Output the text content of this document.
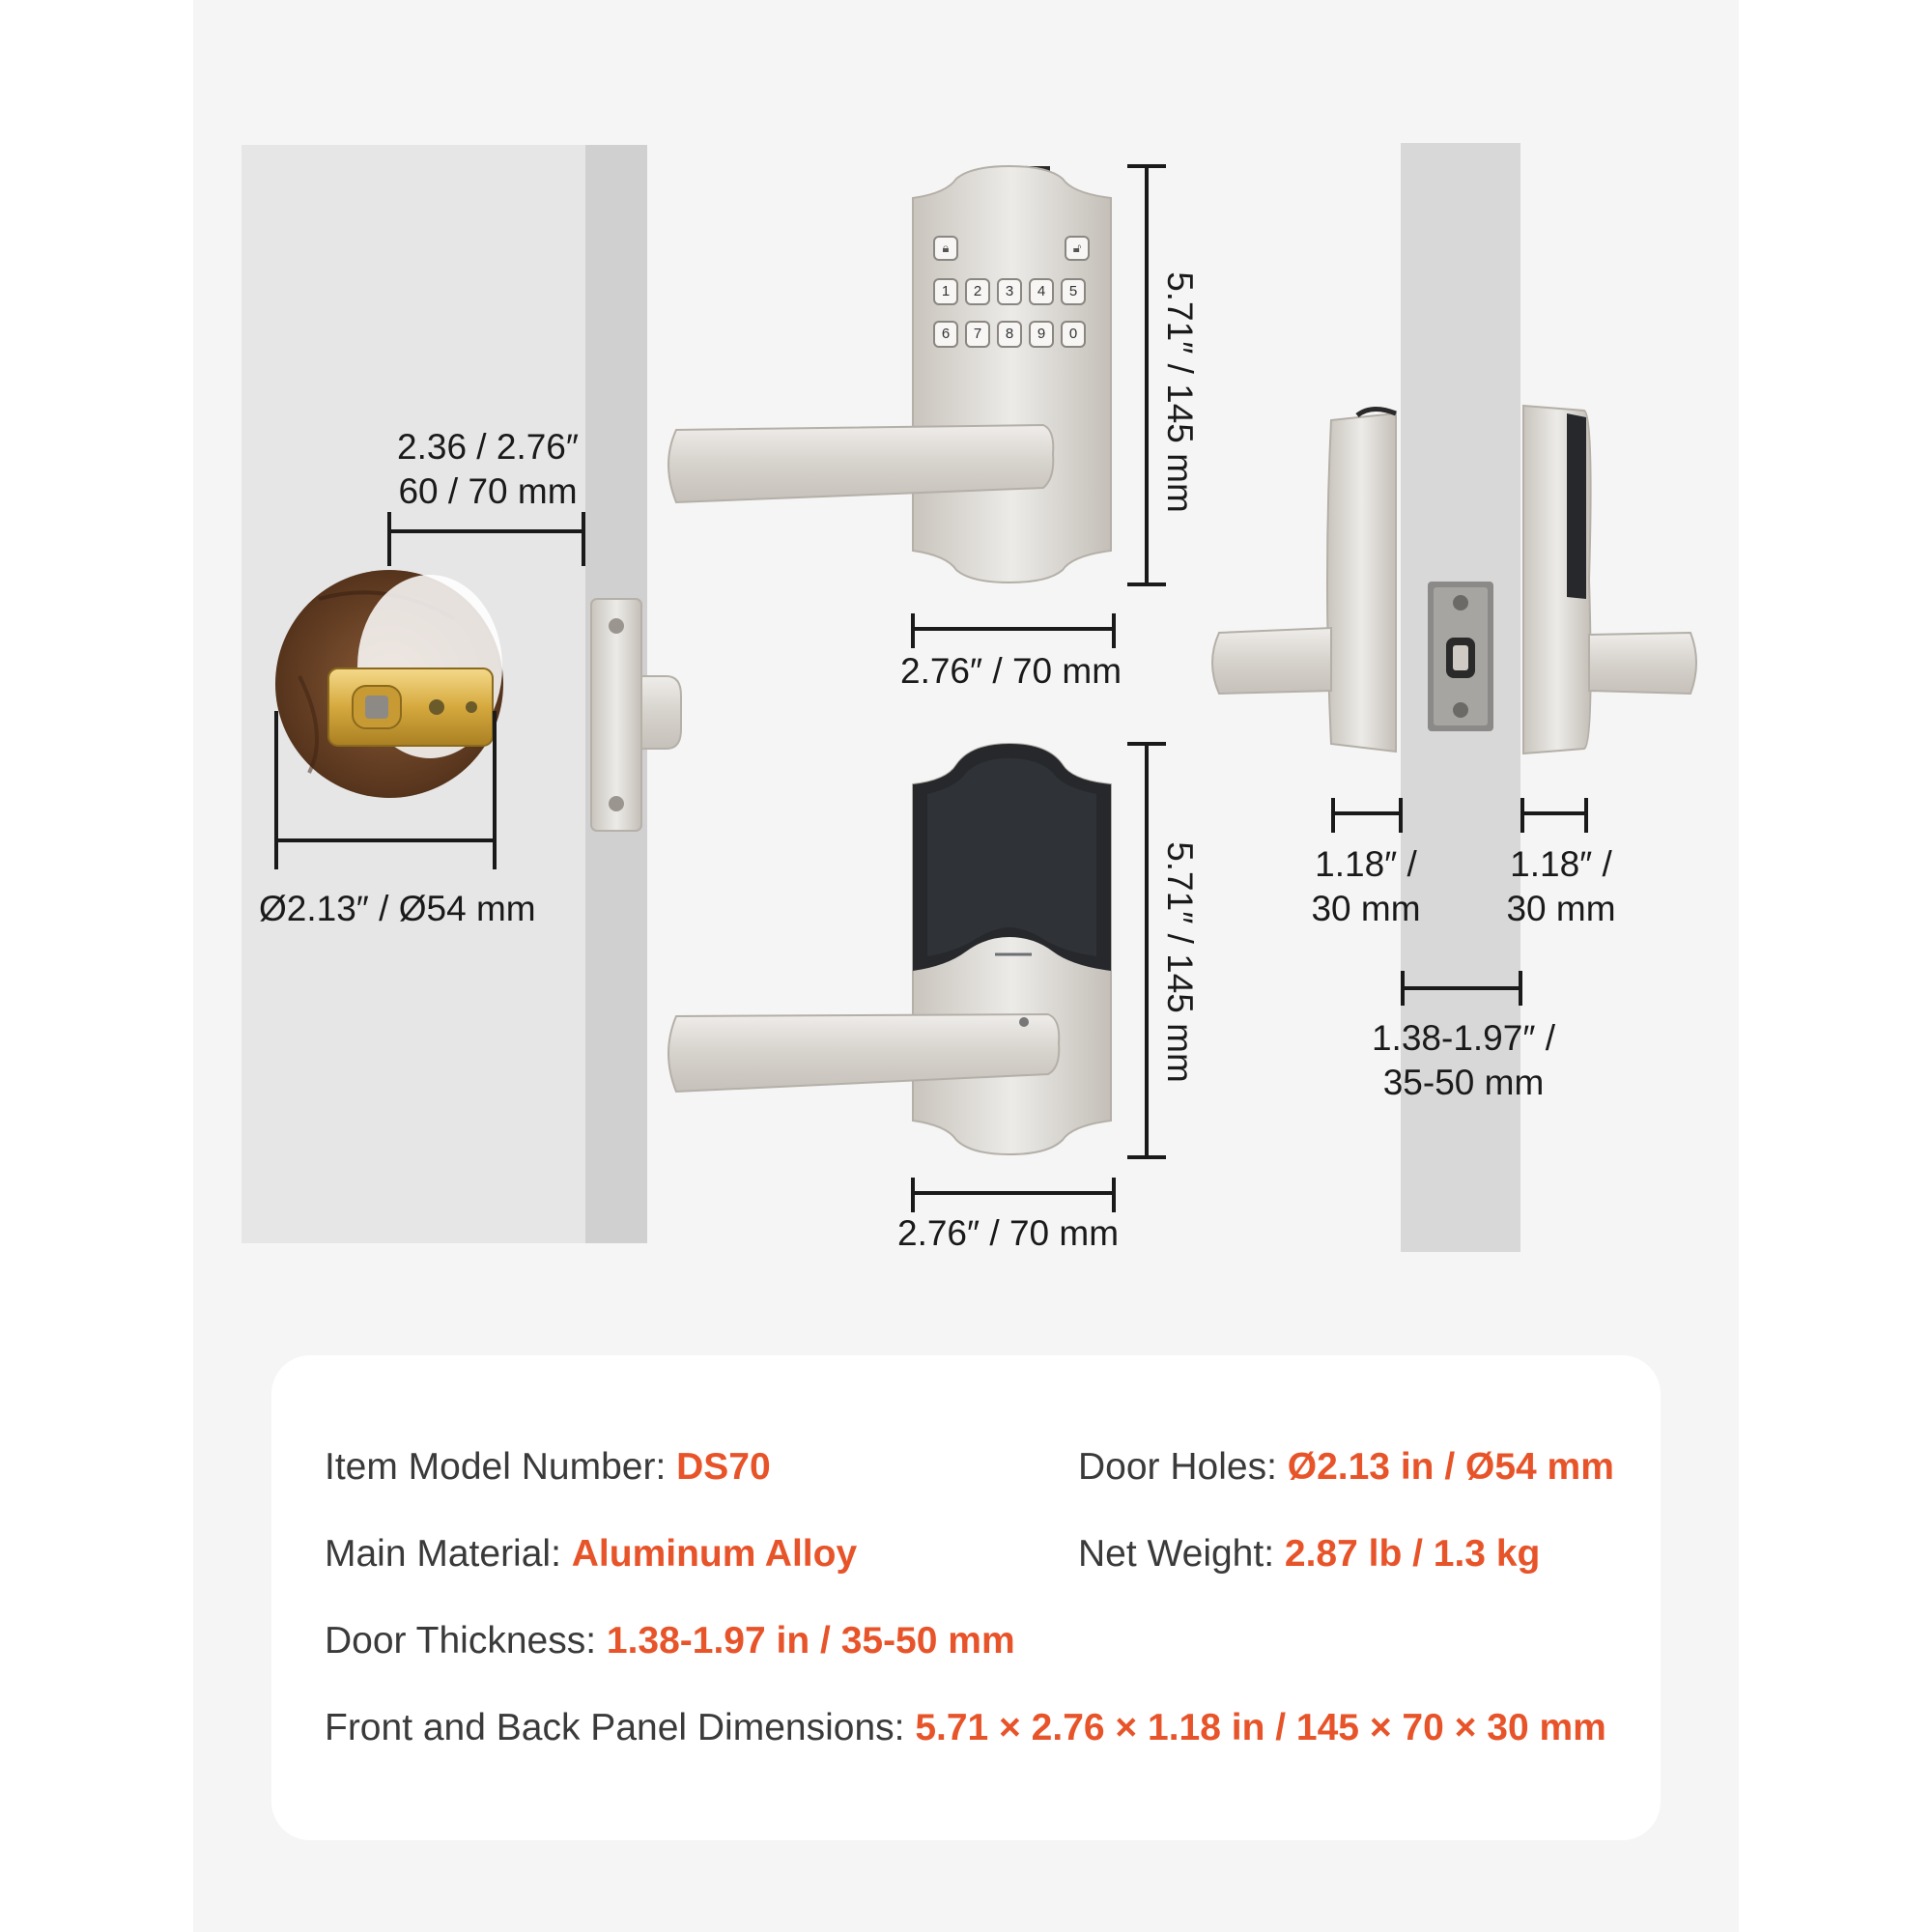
🔒︎	🔓︎
1	2	3	4	5
6	7	8	9	0
2.36 / 2.76″
60 / 70 mm
Ø2.13″ / Ø54 mm
5.71″ / 145 mm
2.76″ / 70 mm
5.71″ / 145 mm
2.76″ / 70 mm
1.18″ /
30 mm
1.18″ /
30 mm
1.38-1.97″ /
35-50 mm
Item Model Number: DS70	Door Holes: Ø2.13 in / Ø54 mm
Main Material: Aluminum Alloy	Net Weight: 2.87 lb / 1.3 kg
Door Thickness: 1.38-1.97 in / 35-50 mm
Front and Back Panel Dimensions: 5.71 × 2.76 × 1.18 in / 145 × 70 × 30 mm
